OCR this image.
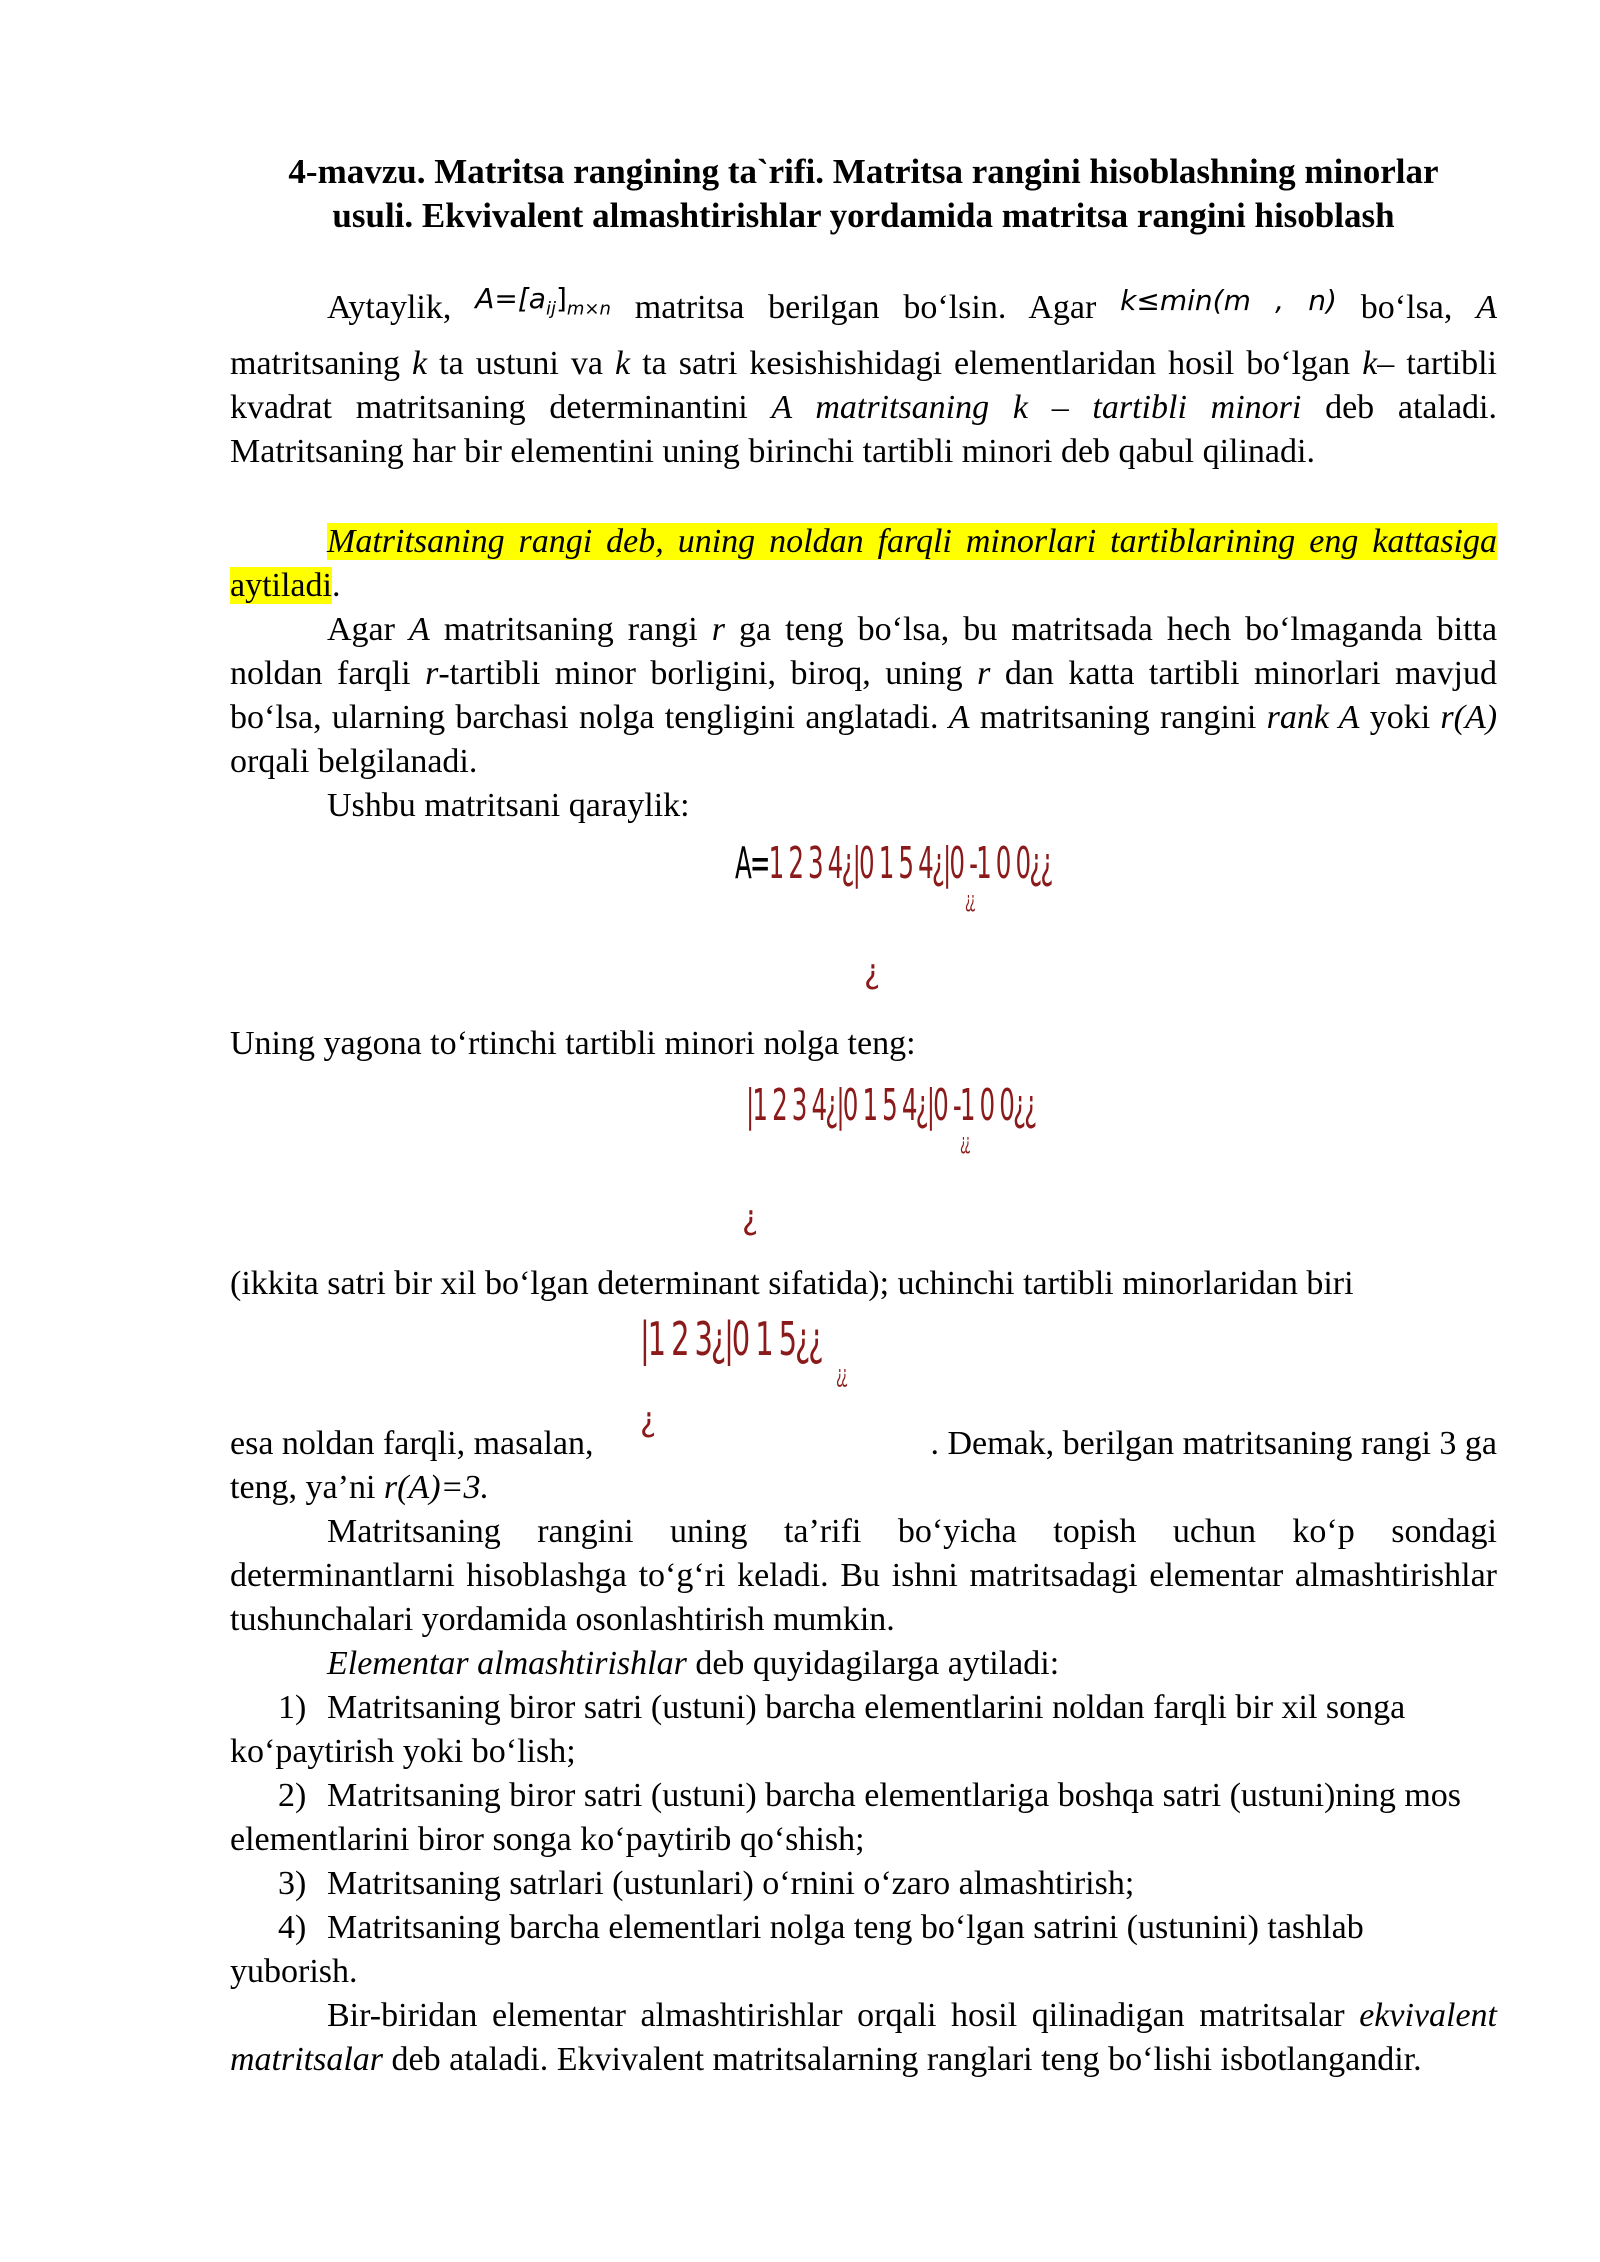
4-mavzu. Matritsa rangining ta`rifi. Matritsa rangini hisoblashning minorlar
usuli. Ekvivalent almashtirishlar yordamida matritsa rangini hisoblash
Aytaylik, $^{A=[a_{ij}]_{m\times n}}$ matritsa berilgan bo‘lsin. Agar $^{k\le min(m , n)}$ bo‘lsa, A matritsaning k ta ustuni va k ta satri kesishishidagi elementlaridan hosil bo‘lgan k– tartibli kvadrat matritsaning determinantini A matritsaning k – tartibli minori deb ataladi. Matritsaning har bir elementini uning birinchi tartibli minori deb qabul qilinadi.
Matritsaning rangi deb, uning noldan farqli minorlari tartiblarining eng kattasiga aytiladi.
Agar A matritsaning rangi r ga teng bo‘lsa, bu matritsada hech bo‘lmaganda bitta noldan farqli r-tartibli minor borligini, biroq, uning r dan katta tartibli minorlari mavjud bo‘lsa, ularning barchasi nolga tengligini anglatadi. A matritsaning rangini rank A yoki r(A) orqali belgilanadi.
Ushbu matritsani qaraylik:
A=1 2 3 4¿|0 1 5 4¿|0 -1 0 0¿¿
¿¿
¿
Uning yagona to‘rtinchi tartibli minori nolga teng:
|1 2 3 4¿|0 1 5 4¿|0 -1 0 0¿¿
¿¿
¿
(ikkita satri bir xil bo‘lgan determinant sifatida); uchinchi tartibli minorlaridan biri
|1 2 3¿|0 1 5¿¿
¿¿
¿
esa noldan farqli, masalan,	. Demak, berilgan matritsaning rangi 3 ga
teng, ya’ni r(A)=3.
Matritsaning rangini uning ta’rifi bo‘yicha topish uchun ko‘p sondagi determinantlarni hisoblashga to‘g‘ri keladi. Bu ishni matritsadagi elementar almashtirishlar tushunchalari yordamida osonlashtirish mumkin.
Elementar almashtirishlar deb quyidagilarga aytiladi:
1) Matritsaning biror satri (ustuni) barcha elementlarini noldan farqli bir xil songa ko‘paytirish yoki bo‘lish;
2) Matritsaning biror satri (ustuni) barcha elementlariga boshqa satri (ustuni)ning mos elementlarini biror songa ko‘paytirib qo‘shish;
3) Matritsaning satrlari (ustunlari) o‘rnini o‘zaro almashtirish;
4) Matritsaning barcha elementlari nolga teng bo‘lgan satrini (ustunini) tashlab yuborish.
Bir-biridan elementar almashtirishlar orqali hosil qilinadigan matritsalar ekvivalent matritsalar deb ataladi. Ekvivalent matritsalarning ranglari teng bo‘lishi isbotlangandir.
